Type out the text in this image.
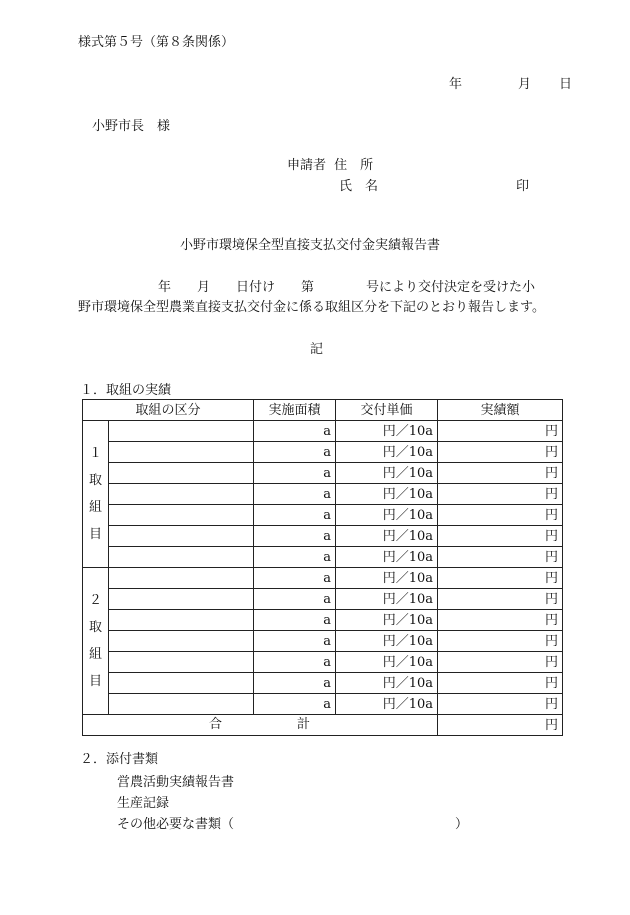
様式第５号（第８条関係）
年	月 日
小野市長　様
申請者 住　所
氏　名	印
小野市環境保全型直接支払交付金実績報告書
年　　月　　日付け　　第　　　　号により交付決定を受けた小
野市環境保全型農業直接支払交付金に係る取組区分を下記のとおり報告します。
記
１．取組の実績
取組の区分		実施面積	交付単価	実績額
１
取
組
目		a	円／10a	円
		a	円／10a	円
		a	円／10a	円
		a	円／10a	円
		a	円／10a	円
		a	円／10a	円
		a	円／10a	円
２
取
組
目		a	円／10a	円
		a	円／10a	円
		a	円／10a	円
		a	円／10a	円
		a	円／10a	円
		a	円／10a	円
		a	円／10a	円

合 計				円
２．添付書類
営農活動実績報告書
生産記録
その他必要な書類（	）
